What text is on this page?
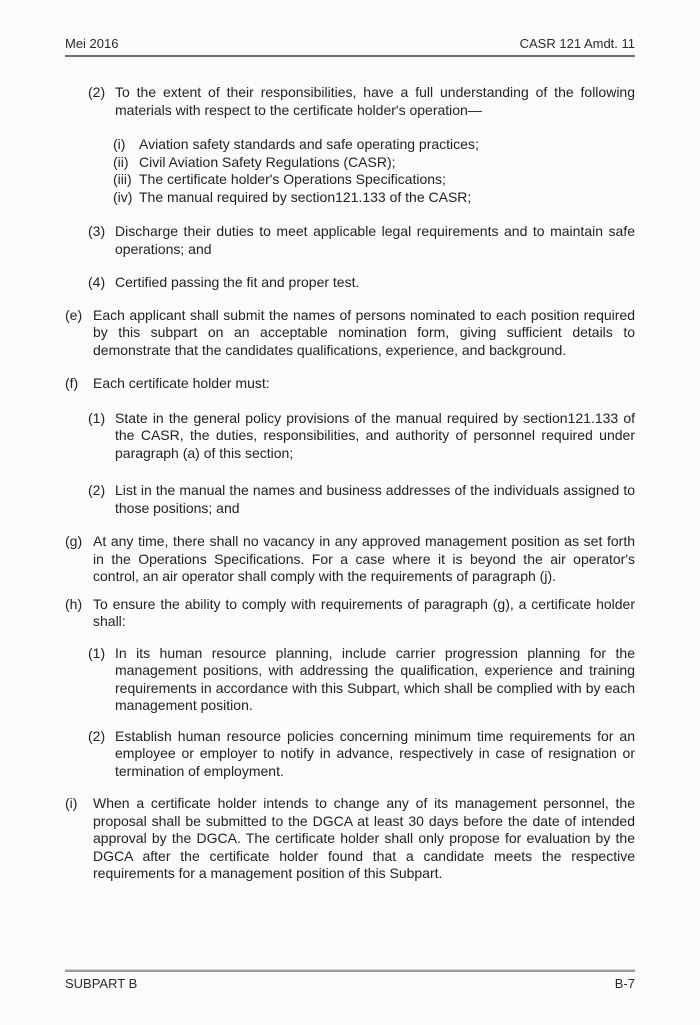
Mei 2016	CASR 121 Amdt. 11
(2) To the extent of their responsibilities, have a full understanding of the following materials with respect to the certificate holder's operation—
(i) Aviation safety standards and safe operating practices;
(ii) Civil Aviation Safety Regulations (CASR);
(iii) The certificate holder's Operations Specifications;
(iv) The manual required by section121.133 of the CASR;
(3) Discharge their duties to meet applicable legal requirements and to maintain safe operations; and
(4) Certified passing the fit and proper test.
(e) Each applicant shall submit the names of persons nominated to each position required by this subpart on an acceptable nomination form, giving sufficient details to demonstrate that the candidates qualifications, experience, and background.
(f)	Each certificate holder must:
(1) State in the general policy provisions of the manual required by section121.133 of the CASR, the duties, responsibilities, and authority of personnel required under paragraph (a) of this section;
(2) List in the manual the names and business addresses of the individuals assigned to those positions; and
(g) At any time, there shall no vacancy in any approved management position as set forth in the Operations Specifications. For a case where it is beyond the air operator's control, an air operator shall comply with the requirements of paragraph (j).
(h) To ensure the ability to comply with requirements of paragraph (g), a certificate holder shall:
(1) In its human resource planning, include carrier progression planning for the management positions, with addressing the qualification, experience and training requirements in accordance with this Subpart, which shall be complied with by each management position.
(2) Establish human resource policies concerning minimum time requirements for an employee or employer to notify in advance, respectively in case of resignation or termination of employment.
(i)	When a certificate holder intends to change any of its management personnel, the proposal shall be submitted to the DGCA at least 30 days before the date of intended approval by the DGCA. The certificate holder shall only propose for evaluation by the DGCA after the certificate holder found that a candidate meets the respective requirements for a management position of this Subpart.
SUBPART B	B-7
